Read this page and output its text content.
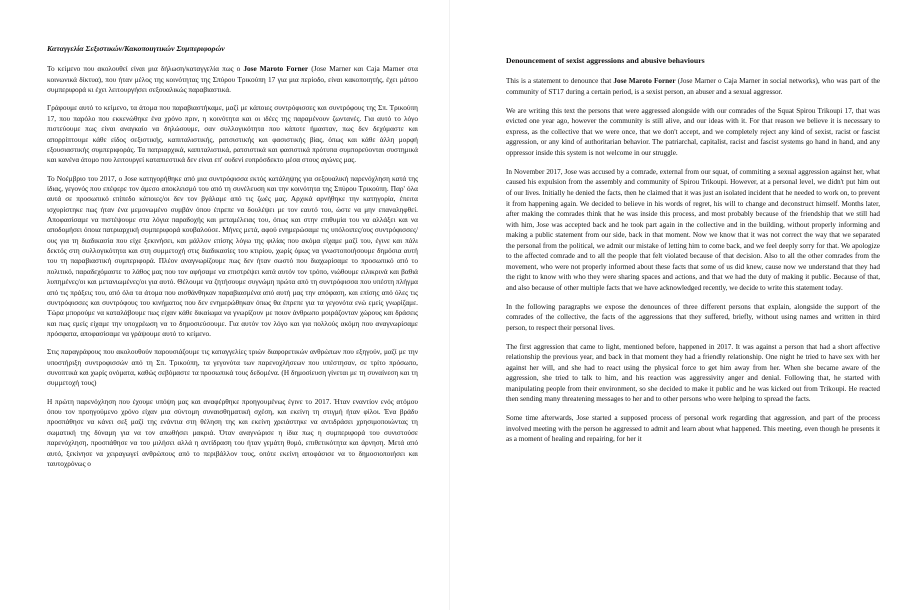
Καταγγελία Σεξιστικών/Κακοποιητικών Συμπεριφορών

Το κείμενο που ακολουθεί είναι μια δήλωση/καταγγελία πως ο Jose Maroto Forner (Jose Marner και Caja Marner στα κοινωνικά δίκτυα), που ήταν μέλος της κοινότητας της Σπύρου Τρικούπη 17 για μια περίοδο, είναι κακοποιητής, έχει μάτσο συμπεριφορά κι έχει λειτουργήσει σεξουαλικώς παραβιαστικά.

Γράφουμε αυτό το κείμενο, τα άτομα που παραβιαστήκαμε, μαζί με κάποιες συντρόφισσες και συντρόφους της Σπ. Τρικούπη 17, που παρόλο που εκκενώθηκε ένα χρόνο πριν, η κοινότητα και οι ιδέες της παραμένουν ζωντανές. Για αυτό το λόγο πιστεύουμε πως είναι αναγκαίο να δηλώσουμε, σαν συλλογικότητα που κάποτε ήμασταν, πως δεν δεχόμαστε και απορρίπτουμε κάθε είδος σεξιστικής, καπιταλιστικής, ρατσιστικής και φασιστικής βίας, όπως και κάθε άλλη μορφή εξουσιαστικής συμπεριφοράς. Τα πατριαρχικά, καπιταλιστικά, ρατσιστικά και φασιστικά πρότυπα συμπορεύονται συστημικά και κανένα άτομο που λειτουργεί καταπιεστικά δεν είναι επ' ουδενί ευπρόσδεκτο μέσα στους αγώνες μας.

Το Νοέμβριο του 2017, ο Jose κατηγορήθηκε από μια συντρόφισσα εκτός κατάληψης για σεξουαλική παρενόχληση κατά της ίδιας, γεγονός που επέφερε τον άμεσο αποκλεισμό του από τη συνέλευση και την κοινότητα της Σπύρου Τρικούπη. Παρ' όλα αυτά σε προσωπικό επίπεδο κάποιες/οι δεν τον βγάλαμε από τις ζωές μας. Αρχικά αρνήθηκε την κατηγορία, έπειτα ισχυρίστηκε πως ήταν ένα μεμονωμένο συμβάν όπου έπρεπε να δουλέψει με τον εαυτό του, ώστε να μην επαναληφθεί. Αποφασίσαμε να πιστέψουμε στα λόγια παραδοχής και μεταμέλειας του, όπως και στην επιθυμία του να αλλάξει και να αποδομήσει όποια πατριαρχική συμπεριφορά κουβαλούσε. Μήνες μετά, αφού ενημερώσαμε τις υπόλοιπες/ους συντρόφισσες/ους για τη διαδικασία που είχε ξεκινήσει, και μάλλον επίσης λόγω της φιλίας που ακόμα είχαμε μαζί του, έγινε και πάλι δεκτός στη συλλογικότητα και στη συμμετοχή στις διαδικασίες του κτιρίου, χωρίς όμως να γνωστοποιήσουμε δημόσια αυτή του τη παραβιαστική συμπεριφορά. Πλέον αναγνωρίζουμε πως δεν ήταν σωστό που διαχωρίσαμε το προσωπικό από το πολιτικό, παραδεχόμαστε το λάθος μας που τον αφήσαμε να επιστρέψει κατά αυτόν τον τρόπο, νιώθουμε ειλικρινά και βαθιά λυπημένες/οι και μετανιωμένες/οι για αυτό. Θέλουμε να ζητήσουμε συγνώμη πρώτα από τη συντρόφισσα που υπέστη πλήγμα από τις πράξεις του, από όλα τα άτομα που αισθάνθηκαν παραβιασμένα από αυτή μας την απόφαση, και επίσης από όλες τις συντρόφισσες και συντρόφους του κινήματος που δεν ενημερώθηκαν όπως θα έπρεπε για τα γεγονότα ενώ εμείς γνωρίζαμε. Τώρα μπορούμε να καταλάβουμε πως είχαν κάθε δικαίωμα να γνωρίζουν με ποιον άνθρωπο μοιράζονταν χώρους και δράσεις και πως εμείς είχαμε την υποχρέωση να το δημοσιεύσουμε. Για αυτόν τον λόγο και για πολλούς ακόμη που αναγνωρίσαμε πρόσφατα, αποφασίσαμε να γράψουμε αυτό το κείμενο.

Στις παραγράφους που ακολουθούν παρουσιάζουμε τις καταγγελίες τριών διαφορετικών ανθρώπων που εξηγούν, μαζί με την υποστήριξη συντροφισσών από τη Σπ. Τρικούπη, τα γεγονότα των παρενοχλήσεων που υπέστησαν, σε τρίτο πρόσωπο, συνοπτικά και χωρίς ονόματα, καθώς σεβόμαστε τα προσωπικά τους δεδομένα. (Η δημοσίευση γίνεται με τη συναίνεση και τη συμμετοχή τους)

Η πρώτη παρενόχληση που έχουμε υπόψη μας και αναφέρθηκε προηγουμένως έγινε το 2017. Ήταν εναντίον ενός ατόμου όπου τον προηγούμενο χρόνο είχαν μια σύντομη συναισθηματική σχέση, και εκείνη τη στιγμή ήταν φίλοι. Ένα βράδυ προσπάθησε να κάνει σεξ μαζί της ενάντια στη θέληση της και εκείνη χρειάστηκε να αντιδράσει χρησιμοποιώντας τη σωματική της δύναμη για να τον απωθήσει μακριά. Όταν αναγνώρισε η ίδια πως η συμπεριφορά του συνιστούσε παρενόχληση, προσπάθησε να του μιλήσει αλλά η αντίδραση του ήταν γεμάτη θυμό, επιθετικότητα και άρνηση. Μετά από αυτό, ξεκίνησε να χειραγωγεί ανθρώπους από το περιβάλλον τους, οπότε εκείνη αποφάσισε να το δημοσιοποιήσει και ταυτοχρόνως ο

Denouncement of sexist aggressions and abusive behaviours

This is a statement to denounce that Jose Maroto Forner (Jose Marner o Caja Marner in social networks), who was part of the community of ST17 during a certain period, is a sexist person, an abuser and a sexual aggressor.

We are writing this text the persons that were aggressed alongside with our comrades of the Squat Spirou Trikoupi 17, that was evicted one year ago, however the community is still alive, and our ideas with it. For that reason we believe it is necessary to express, as the collective that we were once, that we don't accept, and we completely reject any kind of sexist, racist or fascist aggression, or any kind of authoritarian behavior. The patriarchal, capitalist, racist and fascist systems go hand in hand, and any oppressor inside this system is not welcome in our struggle.

In November 2017, Jose was accused by a comrade, external from our squat, of commiting a sexual aggression against her, what caused his expulsion from the assembly and community of Spirou Trikoupi. However, at a personal level, we didn't put him out of our lives. Initially he denied the facts, then he claimed that it was just an isolated incident that he needed to work on, to prevent it from happening again. We decided to believe in his words of regret, his will to change and deconstruct himself. Months later, after making the comrades think that he was inside this process, and most probably because of the friendship that we still had with him, Jose was accepted back and he took part again in the collective and in the building, without properly informing and making a public statement from our side, back in that moment. Now we know that it was not correct the way that we separated the personal from the political, we admit our mistake of letting him to come back, and we feel deeply sorry for that. We apologize to the affected comrade and to all the people that felt violated because of that decision. Also to all the other comrades from the movement, who were not properly informed about these facts that some of us did knew, cause now we understand that they had the right to know with who they were sharing spaces and actions, and that we had the duty of making it public. Because of that, and also because of other multiple facts that we have acknowledged recently, we decide to write this statement today.

In the following paragraphs we expose the denounces of three different persons that explain, alongside the support of the comrades of the collective, the facts of the aggressions that they suffered, briefly, without using names and written in third person, to respect their personal lives.

The first aggression that came to light, mentioned before, happened in 2017. It was against a person that had a short affective relationship the previous year, and back in that moment they had a friendly relationship. One night he tried to have sex with her against her will, and she had to react using the physical force to get him away from her. When she became aware of the aggression, she tried to talk to him, and his reaction was aggressivity anger and denial. Following that, he started with manipulating people from their environment, so she decided to make it public and he was kicked out from Trikoupi. He reacted then sending many threatening messages to her and to other persons who were helping to spread the facts.

Some time afterwards, Jose started a supposed process of personal work regarding that aggression, and part of the process involved meeting with the person he aggressed to admit and learn about what happened. This meeting, even though he presents it as a moment of healing and repairing, for her it
